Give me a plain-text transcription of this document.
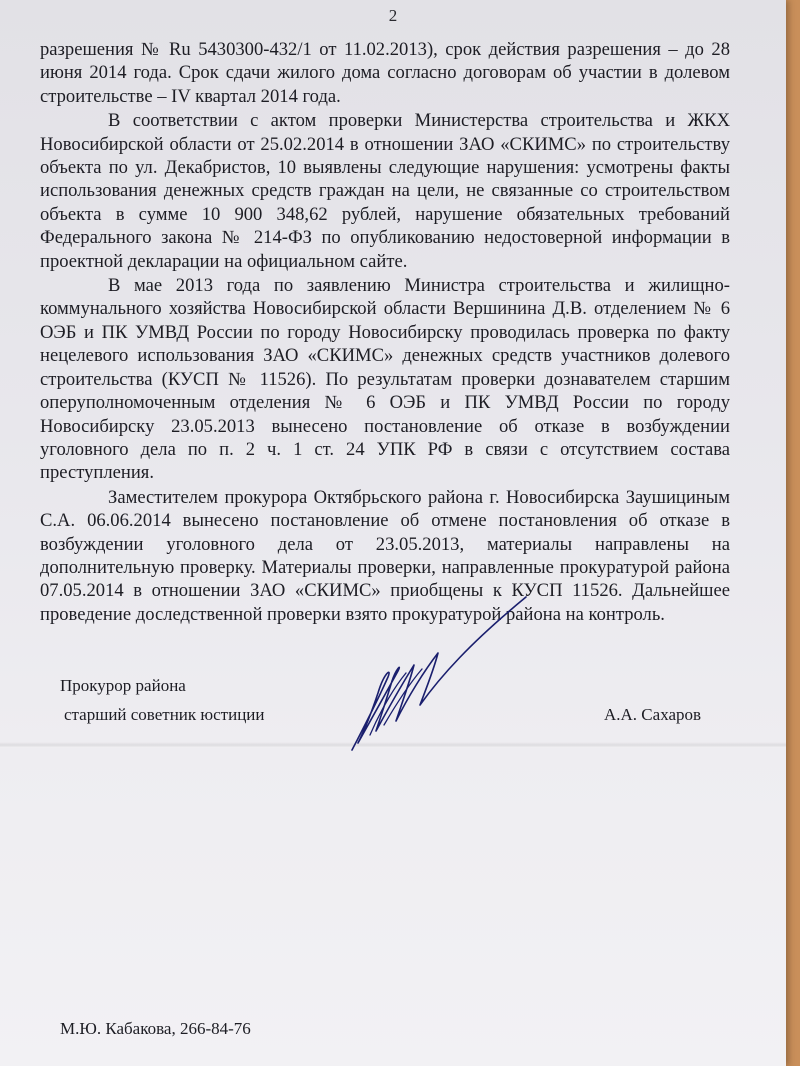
2

разрешения № Ru 5430300-432/1 от 11.02.2013), срок действия разрешения – до 28 июня 2014 года. Срок сдачи жилого дома согласно договорам об участии в долевом строительстве – IV квартал 2014 года.

В соответствии с актом проверки Министерства строительства и ЖКХ Новосибирской области от 25.02.2014 в отношении ЗАО «СКИМС» по строительству объекта по ул. Декабристов, 10 выявлены следующие нарушения: усмотрены факты использования денежных средств граждан на цели, не связанные со строительством объекта в сумме 10 900 348,62 рублей, нарушение обязательных требований Федерального закона № 214-ФЗ по опубликованию недостоверной информации в проектной декларации на официальном сайте.

В мае 2013 года по заявлению Министра строительства и жилищно-коммунального хозяйства Новосибирской области Вершинина Д.В. отделением № 6 ОЭБ и ПК УМВД России по городу Новосибирску проводилась проверка по факту нецелевого использования ЗАО «СКИМС» денежных средств участников долевого строительства (КУСП № 11526). По результатам проверки дознавателем старшим оперуполномоченным отделения № 6 ОЭБ и ПК УМВД России по городу Новосибирску 23.05.2013 вынесено постановление об отказе в возбуждении уголовного дела по п. 2 ч. 1 ст. 24 УПК РФ в связи с отсутствием состава преступления.

Заместителем прокурора Октябрьского района г. Новосибирска Заушициным С.А. 06.06.2014 вынесено постановление об отмене постановления об отказе в возбуждении уголовного дела от 23.05.2013, материалы направлены на дополнительную проверку. Материалы проверки, направленные прокуратурой района 07.05.2014 в отношении ЗАО «СКИМС» приобщены к КУСП 11526. Дальнейшее проведение доследственной проверки взято прокуратурой района на контроль.

Прокурор района
старший советник юстиции	А.А. Сахаров
М.Ю. Кабакова, 266-84-76
